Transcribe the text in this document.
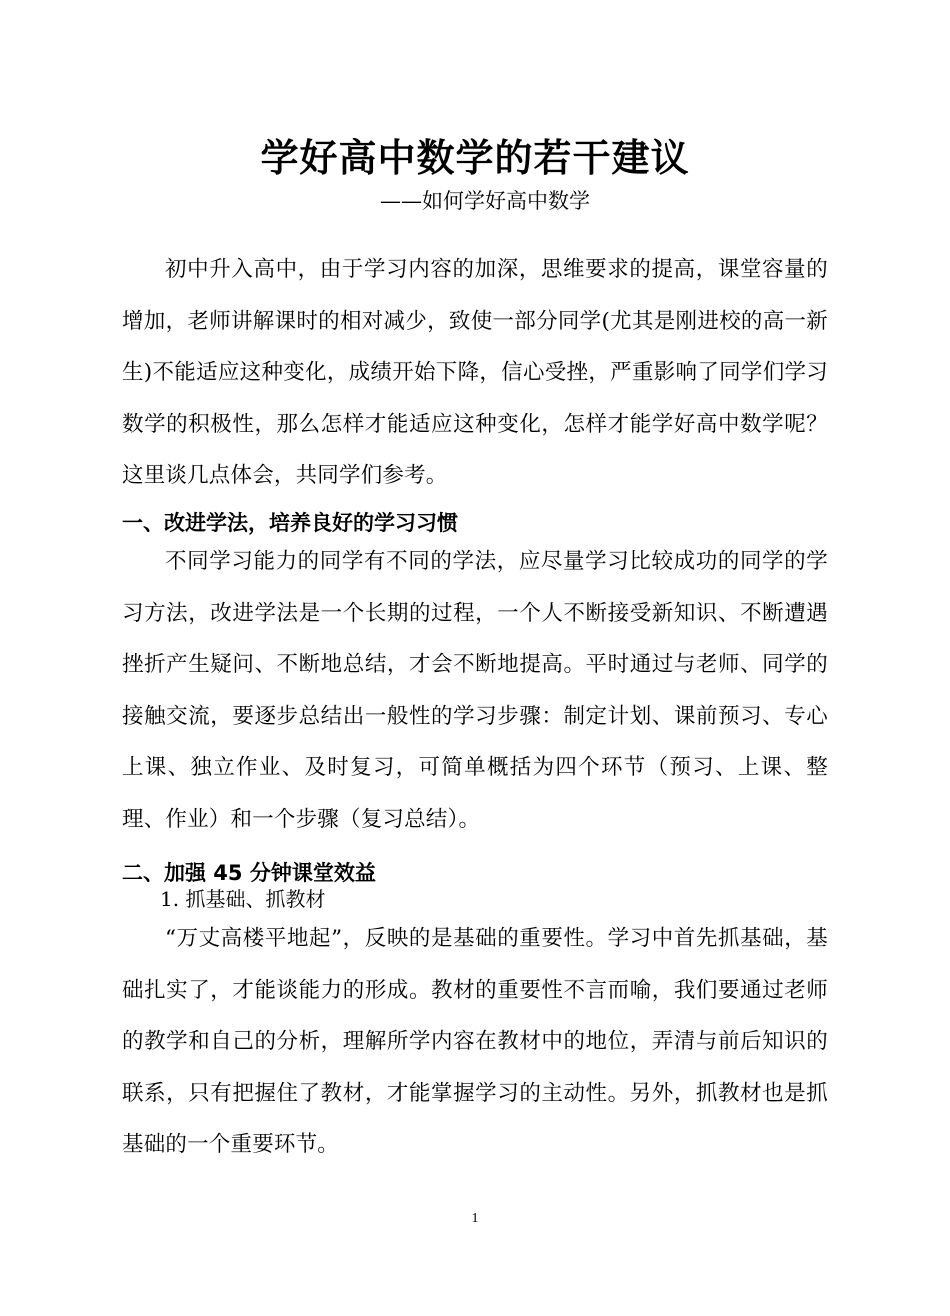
学好高中数学的若干建议
——如何学好高中数学

初中升入高中，由于学习内容的加深，思维要求的提高，课堂容量的增加，老师讲解课时的相对减少，致使一部分同学(尤其是刚进校的高一新生)不能适应这种变化，成绩开始下降，信心受挫，严重影响了同学们学习数学的积极性，那么怎样才能适应这种变化，怎样才能学好高中数学呢？这里谈几点体会，共同学们参考。

一、改进学法，培养良好的学习习惯

不同学习能力的同学有不同的学法，应尽量学习比较成功的同学的学习方法，改进学法是一个长期的过程，一个人不断接受新知识、不断遭遇挫折产生疑问、不断地总结，才会不断地提高。平时通过与老师、同学的接触交流，要逐步总结出一般性的学习步骤：制定计划、课前预习、专心上课、独立作业、及时复习，可简单概括为四个环节（预习、上课、整理、作业）和一个步骤（复习总结）。

二、加强 45 分钟课堂效益
1. 抓基础、抓教材

“万丈高楼平地起”，反映的是基础的重要性。学习中首先抓基础，基础扎实了，才能谈能力的形成。教材的重要性不言而喻，我们要通过老师的教学和自己的分析，理解所学内容在教材中的地位，弄清与前后知识的联系，只有把握住了教材，才能掌握学习的主动性。另外，抓教材也是抓基础的一个重要环节。

1
